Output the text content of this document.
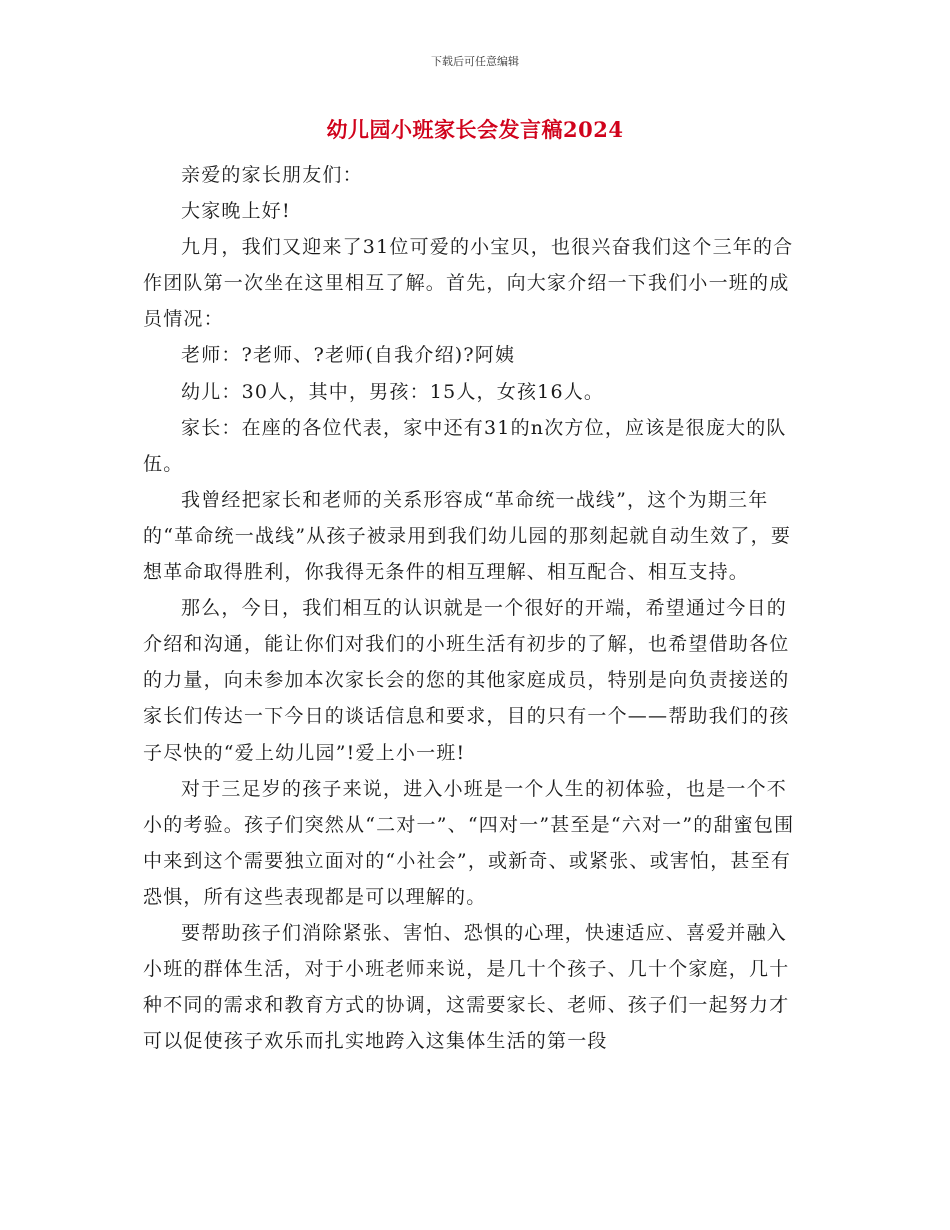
下载后可任意编辑
幼儿园小班家长会发言稿2024

亲爱的家长朋友们：

大家晚上好!

九月，我们又迎来了31位可爱的小宝贝，也很兴奋我们这个三年的合作团队第一次坐在这里相互了解。首先，向大家介绍一下我们小一班的成员情况：

老师：?老师、?老师(自我介绍)?阿姨

幼儿：30人，其中，男孩：15人，女孩16人。

家长：在座的各位代表，家中还有31的n次方位，应该是很庞大的队伍。

我曾经把家长和老师的关系形容成“革命统一战线”，这个为期三年的“革命统一战线”从孩子被录用到我们幼儿园的那刻起就自动生效了，要想革命取得胜利，你我得无条件的相互理解、相互配合、相互支持。

那么，今日，我们相互的认识就是一个很好的开端，希望通过今日的介绍和沟通，能让你们对我们的小班生活有初步的了解，也希望借助各位的力量，向未参加本次家长会的您的其他家庭成员，特别是向负责接送的家长们传达一下今日的谈话信息和要求，目的只有一个——帮助我们的孩子尽快的“爱上幼儿园”!爱上小一班!

对于三足岁的孩子来说，进入小班是一个人生的初体验，也是一个不小的考验。孩子们突然从“二对一”、“四对一”甚至是“六对一”的甜蜜包围中来到这个需要独立面对的“小社会”，或新奇、或紧张、或害怕，甚至有恐惧，所有这些表现都是可以理解的。

要帮助孩子们消除紧张、害怕、恐惧的心理，快速适应、喜爱并融入小班的群体生活，对于小班老师来说，是几十个孩子、几十个家庭，几十种不同的需求和教育方式的协调，这需要家长、老师、孩子们一起努力才可以促使孩子欢乐而扎实地跨入这集体生活的第一段
